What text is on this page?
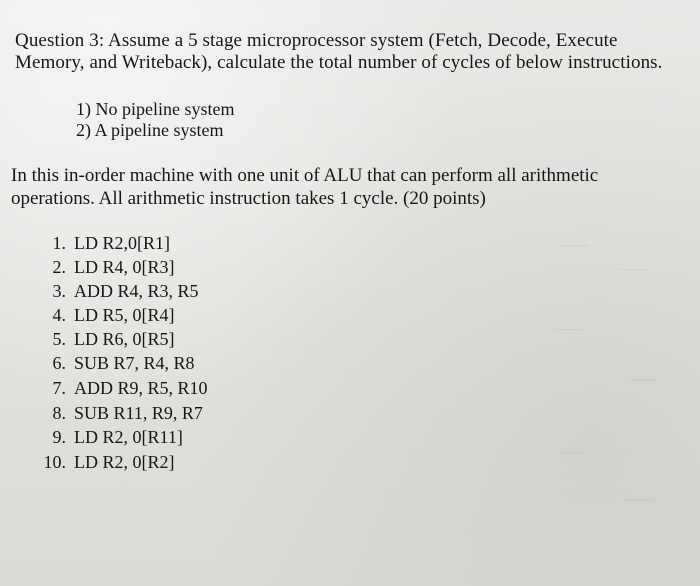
——
——
——
——
——
——
Question 3: Assume a 5 stage microprocessor system (Fetch, Decode, Execute
Memory, and Writeback), calculate the total number of cycles of below instructions.
1) No pipeline system
2) A pipeline system
In this in-order machine with one unit of ALU that can perform all arithmetic
operations. All arithmetic instruction takes 1 cycle. (20 points)
1. LD R2,0[R1]
2. LD R4, 0[R3]
3. ADD R4, R3, R5
4. LD R5, 0[R4]
5. LD R6, 0[R5]
6. SUB R7, R4, R8
7. ADD R9, R5, R10
8. SUB R11, R9, R7
9. LD R2, 0[R11]
10. LD R2, 0[R2]
